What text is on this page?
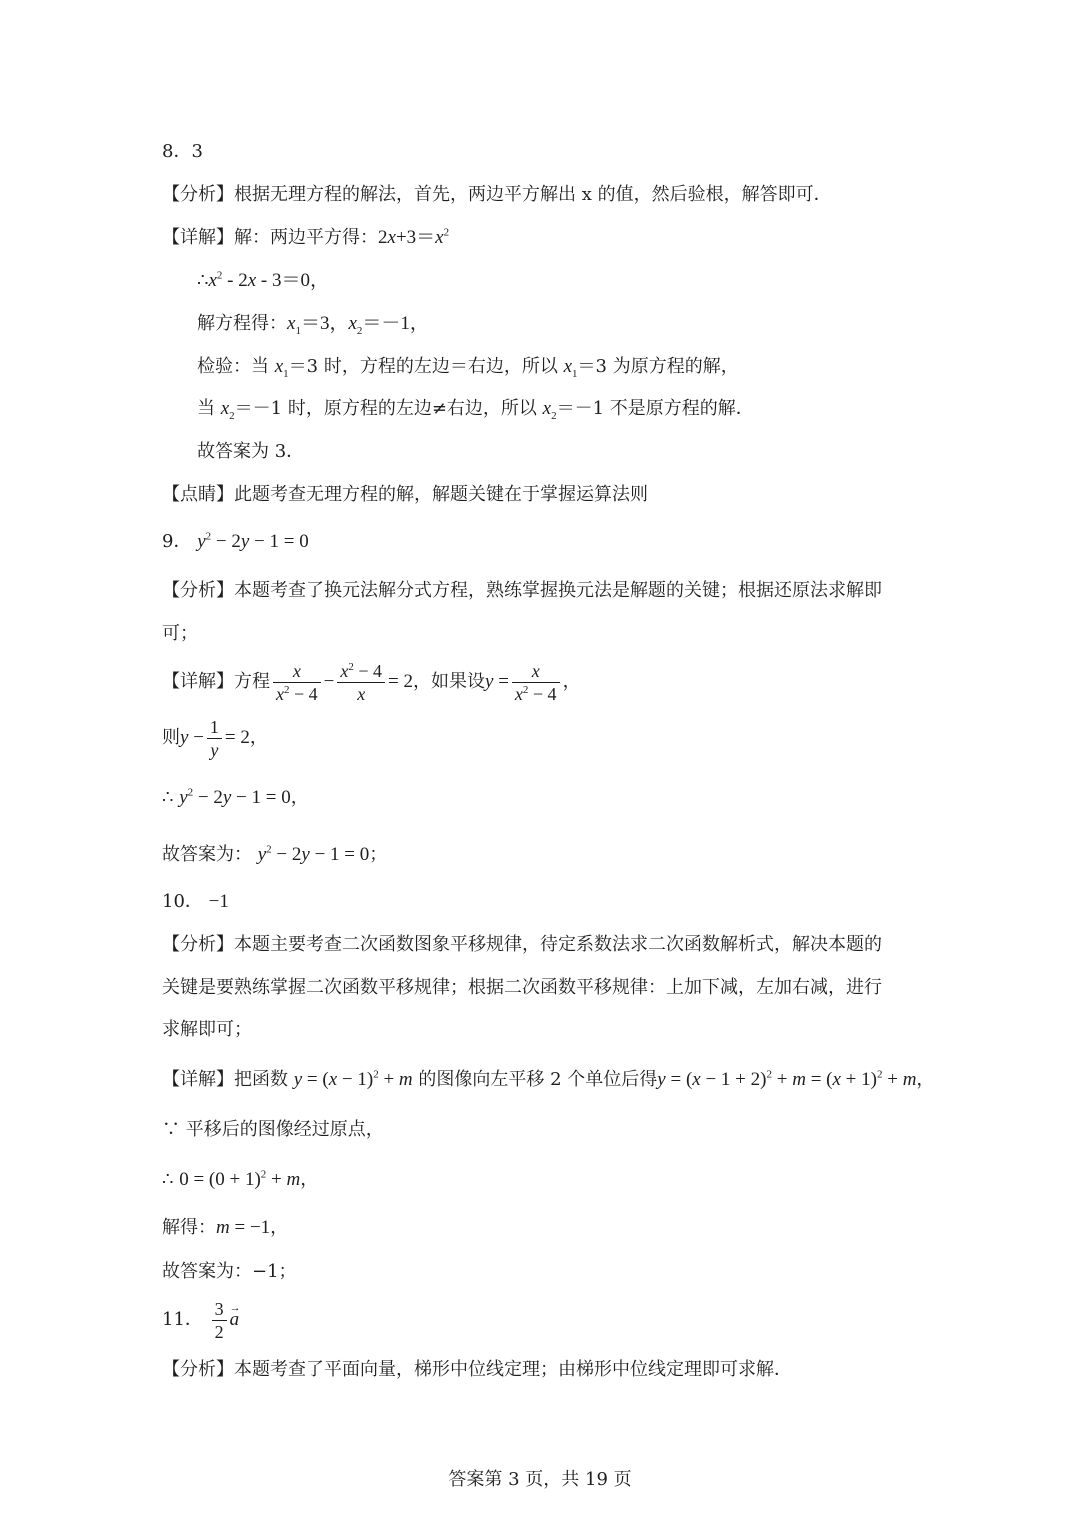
8．3
【分析】根据无理方程的解法，首先，两边平方解出 x 的值，然后验根，解答即可．
【详解】解：两边平方得：$2x+3=x^2$
$\therefore x^2 - 2x - 3=0$，
解方程得：$x_1=3$，$x_2=-1$，
检验：当 $x_1=3$ 时，方程的左边＝右边，所以 $x_1=3$ 为原方程的解，
当 $x_2=-1$ 时，原方程的左边≠右边，所以 $x_2=-1$ 不是原方程的解．
故答案为 3．
【点睛】此题考查无理方程的解，解题关键在于掌握运算法则
9． $y^2 - 2y - 1 = 0$
【分析】本题考查了换元法解分式方程，熟练掌握换元法是解题的关键；根据还原法求解即
可；
【详解】方程 $\frac{x}{x^2 - 4} - \frac{x^2 - 4}{x} = 2$，如果设$y = \frac{x}{x^2 - 4}$ ，
则$y - \frac{1}{y} = 2$，
∴ $y^2 - 2y - 1 = 0$，
故答案为： $y^2 - 2y - 1 = 0$；
10． −1
【分析】本题主要考查二次函数图象平移规律，待定系数法求二次函数解析式，解决本题的
关键是要熟练掌握二次函数平移规律；根据二次函数平移规律：上加下减，左加右减，进行
求解即可；
【详解】把函数 $y = (x - 1)^2 + m$ 的图像向左平移 2 个单位后得$y = (x - 1 + 2)^2 + m = (x + 1)^2 + m$，
∵ 平移后的图像经过原点，
∴ $0 = (0 + 1)^2 + m$，
解得：m = −1，
故答案为：−1；
11． $\frac{3}{2}$
→ a
【分析】本题考查了平面向量，梯形中位线定理；由梯形中位线定理即可求解．
答案第 3 页，共 19 页
